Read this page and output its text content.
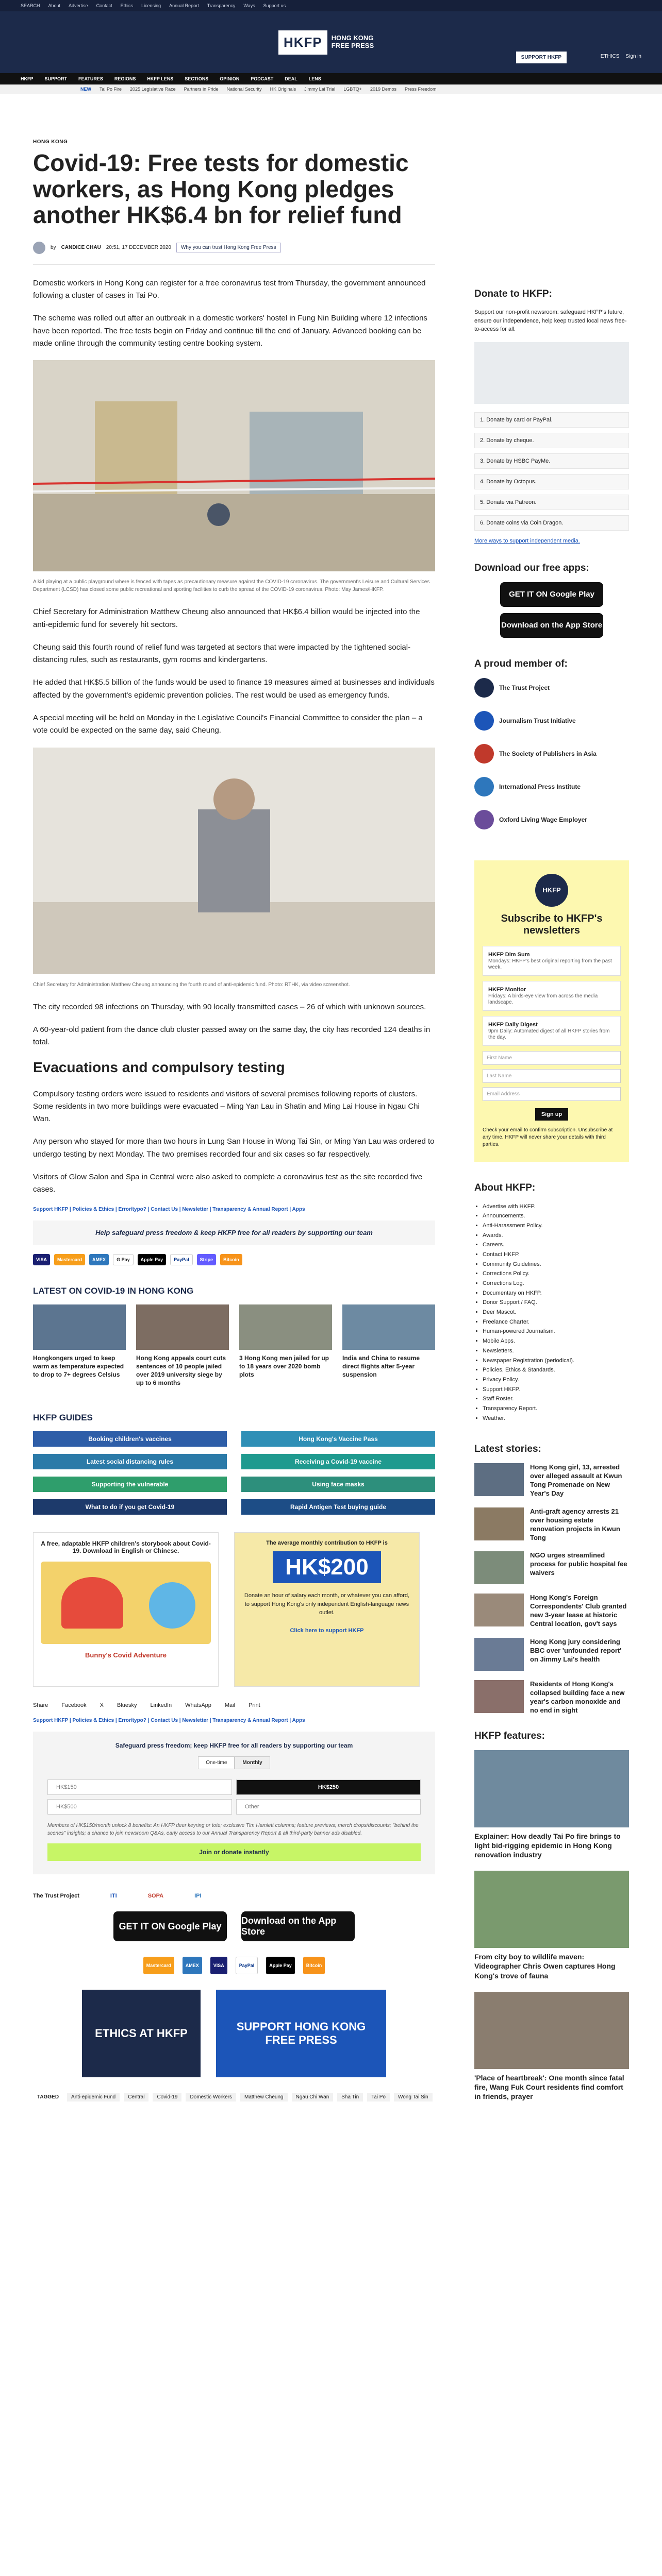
SEARCH About Advertise Contact Ethics Licensing Annual Report Transparency Ways Support us
HKFP	HONG KONG
FREE PRESS
SUPPORT HKFP	ETHICS Sign in
HKFP SUPPORT FEATURES REGIONS HKFP LENS SECTIONS OPINION PODCAST DEAL LENS
NEW Tai Po Fire 2025 Legislative Race Partners in Pride National Security HK Originals Jimmy Lai Trial LGBTQ+ 2019 Demos Press Freedom
HONG KONG
Covid-19: Free tests for domestic workers, as Hong Kong pledges another HK$6.4 bn for relief fund
by CANDICE CHAU 20:51, 17 DECEMBER 2020	Why you can trust Hong Kong Free Press

Domestic workers in Hong Kong can register for a free coronavirus test from Thursday, the government announced following a cluster of cases in Tai Po.

The scheme was rolled out after an outbreak in a domestic workers' hostel in Fung Nin Building where 12 infections have been reported. The free tests begin on Friday and continue till the end of January. Advanced booking can be made online through the community testing centre booking system.

A kid playing at a public playground where is fenced with tapes as precautionary measure against the COVID-19 coronavirus. The government's Leisure and Cultural Services Department (LCSD) has closed some public recreational and sporting facilities to curb the spread of the COVID-19 coronavirus. Photo: May James/HKFP.

Chief Secretary for Administration Matthew Cheung also announced that HK$6.4 billion would be injected into the anti-epidemic fund for severely hit sectors.

Cheung said this fourth round of relief fund was targeted at sectors that were impacted by the tightened social-distancing rules, such as restaurants, gym rooms and kindergartens.

He added that HK$5.5 billion of the funds would be used to finance 19 measures aimed at businesses and individuals affected by the government's epidemic prevention policies. The rest would be used as emergency funds.

A special meeting will be held on Monday in the Legislative Council's Financial Committee to consider the plan – a vote could be expected on the same day, said Cheung.

Chief Secretary for Administration Matthew Cheung announcing the fourth round of anti-epidemic fund. Photo: RTHK, via video screenshot.

The city recorded 98 infections on Thursday, with 90 locally transmitted cases – 26 of which with unknown sources.

A 60-year-old patient from the dance club cluster passed away on the same day, the city has recorded 124 deaths in total.

Evacuations and compulsory testing

Compulsory testing orders were issued to residents and visitors of several premises following reports of clusters. Some residents in two more buildings were evacuated – Ming Yan Lau in Shatin and Ming Lai House in Ngau Chi Wan.

Any person who stayed for more than two hours in Lung San House in Wong Tai Sin, or Ming Yan Lau was ordered to undergo testing by next Monday. The two premises recorded four and six cases so far respectively.

Visitors of Glow Salon and Spa in Central were also asked to complete a coronavirus test as the site recorded five cases.

Support HKFP | Policies & Ethics | Error/typo? | Contact Us | Newsletter | Transparency & Annual Report | Apps
Help safeguard press freedom & keep HKFP free for all readers by supporting our team
VISA	Mastercard	AMEX	G Pay	Apple Pay	PayPal	Stripe	Bitcoin
LATEST ON COVID-19 IN HONG KONG
Hongkongers urged to keep warm as temperature expected to drop to 7+ degrees Celsius
Hong Kong appeals court cuts sentences of 10 people jailed over 2019 university siege by up to 6 months
3 Hong Kong men jailed for up to 18 years over 2020 bomb plots
India and China to resume direct flights after 5-year suspension
HKFP GUIDES
Booking children's vaccines	Hong Kong's Vaccine Pass
Latest social distancing rules	Receiving a Covid-19 vaccine
Supporting the vulnerable	Using face masks
What to do if you get Covid-19	Rapid Antigen Test buying guide
A free, adaptable HKFP children's storybook about Covid-19. Download in English or Chinese.
Bunny's Covid Adventure
The average monthly contribution to HKFP is
HK$200
Donate an hour of salary each month, or whatever you can afford, to support Hong Kong's only independent English-language news outlet.
Click here to support HKFP
Share Facebook X Bluesky LinkedIn WhatsApp Mail Print
Support HKFP | Policies & Ethics | Error/typo? | Contact Us | Newsletter | Transparency & Annual Report | Apps
Safeguard press freedom; keep HKFP free for all readers by supporting our team
One-time	Monthly
HK$150	HK$250
HK$500	Other
Members of HK$150/month unlock 8 benefits: An HKFP deer keyring or tote; exclusive Tim Hamlett columns; feature previews; merch drops/discounts; "behind the scenes" insights; a chance to join newsroom Q&As, early access to our Annual Transparency Report & all third-party banner ads disabled.
Join or donate instantly
The Trust Project	ITI	SOPA	IPI
GET IT ON Google Play
Download on the App Store
Mastercard	AMEX	VISA	PayPal	Apple Pay	Bitcoin
ETHICS AT HKFP
SUPPORT HONG KONG FREE PRESS
TAGGED	Anti-epidemic Fund	Central	Covid-19	Domestic Workers	Matthew Cheung	Ngau Chi Wan	Sha Tin	Tai Po	Wong Tai Sin
Donate to HKFP:
Support our non-profit newsroom: safeguard HKFP's future, ensure our independence, help keep trusted local news free-to-access for all.
1. Donate by card or PayPal.
2. Donate by cheque.
3. Donate by HSBC PayMe.
4. Donate by Octopus.
5. Donate via Patreon.
6. Donate coins via Coin Dragon.
More ways to support independent media.
Download our free apps:
GET IT ON Google Play
Download on the App Store
A proud member of:
The Trust Project
Journalism Trust Initiative
The Society of Publishers in Asia
International Press Institute
Oxford Living Wage Employer
HKFP
Subscribe to HKFP's newsletters
HKFP Dim Sum
Mondays: HKFP's best original reporting from the past week.
HKFP Monitor
Fridays: A birds-eye view from across the media landscape.
HKFP Daily Digest
9pm Daily: Automated digest of all HKFP stories from the day.
First Name
Last Name
Email Address
Sign up
Check your email to confirm subscription. Unsubscribe at any time. HKFP will never share your details with third parties.
About HKFP:
• Advertise with HKFP.
• Announcements.
• Anti-Harassment Policy.
• Awards.
• Careers.
• Contact HKFP.
• Community Guidelines.
• Corrections Policy.
• Corrections Log.
• Documentary on HKFP.
• Donor Support / FAQ.
• Deer Mascot.
• Freelance Charter.
• Human-powered Journalism.
• Mobile Apps.
• Newsletters.
• Newspaper Registration (periodical).
• Policies, Ethics & Standards.
• Privacy Policy.
• Support HKFP.
• Staff Roster.
• Transparency Report.
• Weather.
Latest stories:
Hong Kong girl, 13, arrested over alleged assault at Kwun Tong Promenade on New Year's Day
Anti-graft agency arrests 21 over housing estate renovation projects in Kwun Tong
NGO urges streamlined process for public hospital fee waivers
Hong Kong's Foreign Correspondents' Club granted new 3-year lease at historic Central location, gov't says
Hong Kong jury considering BBC over 'unfounded report' on Jimmy Lai's health
Residents of Hong Kong's collapsed building face a new year's carbon monoxide and no end in sight
HKFP features:
Explainer: How deadly Tai Po fire brings to light bid-rigging epidemic in Hong Kong renovation industry
From city boy to wildlife maven: Videographer Chris Owen captures Hong Kong's trove of fauna
'Place of heartbreak': One month since fatal fire, Wang Fuk Court residents find comfort in friends, prayer
